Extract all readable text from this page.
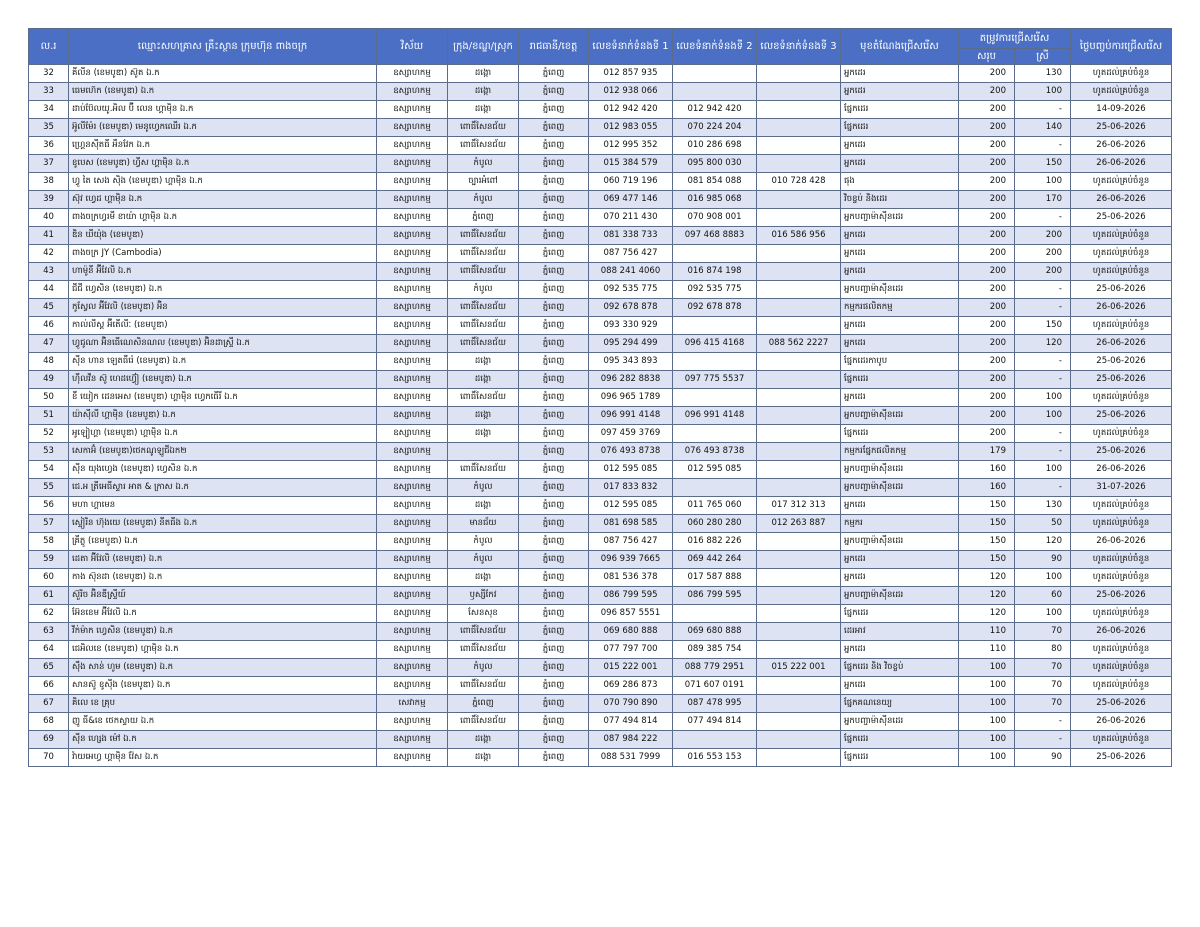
ល.រ	ឈ្មោះសហគ្រាស គ្រឹះស្ថាន ក្រុមហ៊ុន ពាងចក្រ	វិស័យ	ក្រុង/ខណ្ឌ/ស្រុក	រាជធានី/ខេត្ត	លេខទំនាក់ទំនងទី 1	លេខទំនាក់ទំនងទី 2	លេខទំនាក់ទំនងទី 3	មុខតំណែងជ្រើសរើស	តម្រូវការជ្រើសរើស		ថ្ងៃបញ្ចប់ការជ្រើសរើស
									សរុប	ស្រី	
32	គីលីន (ខេមបូឌា) ស៊ូត ឯ.ក	ឧស្សាហកម្ម	ដង្កោ	ភ្នំពេញ	012 857 935			អ្នកដេរ	200	130	ហូតដល់គ្រប់ចំនួន
33	ធេមហ៊េក (ខេមបូឌា) ឯ.ក	ឧស្សាហកម្ម	ដង្កោ	ភ្នំពេញ	012 938 066			អ្នកដេរ	200	100	ហូតដល់គ្រប់ចំនួន
34	ដាប់ប៊ែលយូ.អិល ប៊ី លេន ហ្គាម៉ិន ឯ.ក	ឧស្សាហកម្ម	ដង្កោ	ភ្នំពេញ	012 942 420	012 942 420		ផ្នែកដេរ	200	-	14-09-2026
35	អ៊ូលីម៉ែរ (ខេមបូឌា) មេនូហ្វេកឈើរ ឯ.ក	ឧស្សាហកម្ម	ពោធិ៍សែនជ័យ	ភ្នំពេញ	012 983 055	070 224 204		ផ្នែកដេរ	200	140	25-06-2026
36	ហ្គ្រេនស៊ីតធី អឹនវែក ឯ.ក	ឧស្សាហកម្ម	ពោធិ៍សែនជ័យ	ភ្នំពេញ	012 995 352	010 286 698		អ្នកដេរ	200	-	26-06-2026
37	ខូបេស (ខេមបូឌា) ហ្វីស ហ្គាម៉ិន ឯ.ក	ឧស្សាហកម្ម	កំបូល	ភ្នំពេញ	015 384 579	095 800 030		អ្នកដេរ	200	150	26-06-2026
38	ហ្វូ តៃ សេង ស៊ិង (ខេមបូឌា) ហ្គាម៉ិន ឯ.ក	ឧស្សាហកម្ម	ច្បារអំពៅ	ភ្នំពេញ	060 719 196	081 854 088	010 728 428	ផុង	200	100	ហូតដល់គ្រប់ចំនួន
39	ស៊ុវ ហ្វេដ ហ្គាម៉ិន ឯ.ក	ឧស្សាហកម្ម	កំបូល	ភ្នំពេញ	069 477 146	016 985 068		វិចខ្ចប់ និងដេរ	200	170	26-06-2026
40	ពាងចក្រហ្វរមី ខាយ៉ា ហ្គាម៉ិន ឯ.ក	ឧស្សាហកម្ម	ភ្នំពេញ	ភ្នំពេញ	070 211 430	070 908 001		អ្នកបញ្ជាម៉ាស៊ីនដេរ	200	-	25-06-2026
41	ឌិន ឃីយ៉ុង (ខេមបូឌា)	ឧស្សាហកម្ម	ពោធិ៍សែនជ័យ	ភ្នំពេញ	081 338 733	097 468 8883	016 586 956	អ្នកដេរ	200	200	ហូតដល់គ្រប់ចំនួន
42	ពាងចក្រ JY (Cambodia)	ឧស្សាហកម្ម	ពោធិ៍សែនជ័យ	ភ្នំពេញ	087 756 427			អ្នកដេរ	200	200	ហូតដល់គ្រប់ចំនួន
43	ហាម៉ូនី អ៊ីវែលិ ឯ.ក	ឧស្សាហកម្ម	ពោធិ៍សែនជ័យ	ភ្នំពេញ	088 241 4060	016 874 198		អ្នកដេរ	200	200	ហូតដល់គ្រប់ចំនួន
44	ជីជី ហ្វេសិន (ខេមបូឌា) ឯ.ក	ឧស្សាហកម្ម	កំបូល	ភ្នំពេញ	092 535 775	092 535 775		អ្នកបញ្ជាម៉ាស៊ីនដេរ	200	-	25-06-2026
45	កូស្វែល អ៊ីវែលិ (ខេមបូឌា) អ៊ិន	ឧស្សាហកម្ម	ពោធិ៍សែនជ័យ	ភ្នំពេញ	092 678 878	092 678 878		កម្មករផលិតកម្ម	200	-	26-06-2026
46	កាល់លីស្ត អ៊ីតើលីៈ (ខេមបូឌា)	ឧស្សាហកម្ម	ពោធិ៍សែនជ័យ	ភ្នំពេញ	093 330 929			អ្នកដេរ	200	150	ហូតដល់គ្រប់ចំនួន
47	ហ្វូជូណា អ៊ិនធើណេសិនណល (ខេមបូឌា) អ៊ិនដាស្ទ្រី ឯ.ក	ឧស្សាហកម្ម	ពោធិ៍សែនជ័យ	ភ្នំពេញ	095 294 499	096 415 4168	088 562 2227	អ្នកដេរ	200	120	26-06-2026
48	ស៊ីន ហាន ឡេតធឺរ៉េ (ខេមបូឌា) ឯ.ក	ឧស្សាហកម្ម	ដង្កោ	ភ្នំពេញ	095 343 893			ផ្នែកដេរកាបូប	200	-	25-06-2026
49	ហ៊ីលវីន ស៊ូ ហេដហ៊្វៀ (ខេមបូឌា) ឯ.ក	ឧស្សាហកម្ម	ដង្កោ	ភ្នំពេញ	096 282 8838	097 775 5537		ផ្នែកដេរ	200	-	25-06-2026
50	ខឺ យៀក ដេនអេស (ខេមបូឌា) ហ្គាម៉ិន ហ្វេកធើរី ឯ.ក	ឧស្សាហកម្ម	ពោធិ៍សែនជ័យ	ភ្នំពេញ	096 965 1789			អ្នកដេរ	200	100	ហូតដល់គ្រប់ចំនួន
51	យ៉ាស៊ីលី ហ្គាម៉ិន (ខេមបូឌា) ឯ.ក	ឧស្សាហកម្ម	ដង្កោ	ភ្នំពេញ	096 991 4148	096 991 4148		អ្នកបញ្ជាម៉ាស៊ីនដេរ	200	100	25-06-2026
52	អូឡៀហ្គា (ខេមបូឌា) ហ្គាម៉ិន ឯ.ក	ឧស្សាហកម្ម	ដង្កោ	ភ្នំពេញ	097 459 3769			ផ្នែកដេរ	200	-	ហូតដល់គ្រប់ចំនួន
53	សេកាអ៊ំ (ខេមបូឌា)ថេកណូឡូជីឯក២	ឧស្សាហកម្ម		ភ្នំពេញ	076 493 8738	076 493 8738		កម្មករផ្នែកផលិតកម្ម	179	-	25-06-2026
54	ស៊ីន យុងហ្វេង (ខេមបូឌា) ហ្វេសិន ឯ.ក	ឧស្សាហកម្ម	ពោធិ៍សែនជ័យ	ភ្នំពេញ	012 595 085	012 595 085		អ្នកបញ្ជាម៉ាស៊ីនដេរ	160	100	26-06-2026
55	ជេ.អ ត្រីអេធីស្ទារ អាត & ក្រាស ឯ.ក	ឧស្សាហកម្ម	កំបូល	ភ្នំពេញ	017 833 832			អ្នកបញ្ជាម៉ាស៊ីនដេរ	160	-	31-07-2026
56	មហា ហ្គាមេន	ឧស្សាហកម្ម	ដង្កោ	ភ្នំពេញ	012 595 085	011 765 060	017 312 313	អ្នកដេរ	150	130	ហូតដល់គ្រប់ចំនួន
57	ស្ទៀរិន ហ៊ុងយេ (ខេមបូឌា) នីតធីង ឯ.ក	ឧស្សាហកម្ម	មានជ័យ	ភ្នំពេញ	081 698 585	060 280 280	012 263 887	កម្មករ	150	50	ហូតដល់គ្រប់ចំនួន
58	គ្រីភ្លូ (ខេមបូឌា) ឯ.ក	ឧស្សាហកម្ម	កំបូល	ភ្នំពេញ	087 756 427	016 882 226		អ្នកបញ្ជាម៉ាស៊ីនដេរ	150	120	26-06-2026
59	ដេតា អ៊ីវែលិ (ខេមបូឌា) ឯ.ក	ឧស្សាហកម្ម	កំបូល	ភ្នំពេញ	096 939 7665	069 442 264		អ្នកដេរ	150	90	ហូតដល់គ្រប់ចំនួន
60	កាង ស៊ុនដា (ខេមបូឌា) ឯ.ក	ឧស្សាហកម្ម	ដង្កោ	ភ្នំពេញ	081 536 378	017 587 888		អ្នកដេរ	120	100	ហូតដល់គ្រប់ចំនួន
61	ស៊ួរិច អ៊ិនឌីស្ទ្រីយ៍	ឧស្សាហកម្ម	ឫស្សីកែវ	ភ្នំពេញ	086 799 595	086 799 595		អ្នកបញ្ជាម៉ាស៊ីនដេរ	120	60	25-06-2026
62	អ៊ែនខេម អ៊ីវែលិ ឯ.ក	ឧស្សាហកម្ម	សែនសុខ	ភ្នំពេញ	096 857 5551			ផ្នែកដេរ	120	100	ហូតដល់គ្រប់ចំនួន
63	វីក់ម៉ាក ហ្វេសិន (ខេមបូឌា) ឯ.ក	ឧស្សាហកម្ម	ពោធិ៍សែនជ័យ	ភ្នំពេញ	069 680 888	069 680 888		ដេរអាវ	110	70	26-06-2026
64	ជេអិលខេ (ខេមបូឌា) ហ្គាម៉ិន ឯ.ក	ឧស្សាហកម្ម	ពោធិ៍សែនជ័យ	ភ្នំពេញ	077 797 700	089 385 754		អ្នកដេរ	110	80	ហូតដល់គ្រប់ចំនួន
65	ស៊ឹង សាន់ ហូម (ខេមបូឌា) ឯ.ក	ឧស្សាហកម្ម	កំបូល	ភ្នំពេញ	015 222 001	088 779 2951	015 222 001	ផ្នែកដេរ និង វិចខ្ចប់	100	70	ហូតដល់គ្រប់ចំនួន
66	សានស៊ូ ខូស៊ីង (ខេមបូឌា) ឯ.ក	ឧស្សាហកម្ម	ពោធិ៍សែនជ័យ	ភ្នំពេញ	069 286 873	071 607 0191		អ្នកដេរ	100	70	ហូតដល់គ្រប់ចំនួន
67	គិលេ ខេ គ្រុប	សេវាកម្ម	ភ្នំពេញ	ភ្នំពេញ	070 790 890	087 478 995		ផ្នែកគណនេយ្យ	100	70	25-06-2026
68	ញូ ធី&ខេ ថេកស្ទាយ ឯ.ក	ឧស្សាហកម្ម	ពោធិ៍សែនជ័យ	ភ្នំពេញ	077 494 814	077 494 814		អ្នកបញ្ជាម៉ាស៊ីនដេរ	100	-	26-06-2026
69	ស៊ីន ហ្សេង ម៉ៅ ឯ.ក	ឧស្សាហកម្ម	ដង្កោ	ភ្នំពេញ	087 984 222			ផ្នែកដេរ	100	-	ហូតដល់គ្រប់ចំនួន
70	វ៉ាយអេហ្វ ហ្គាម៉ិន វ៉ែស ឯ.ក	ឧស្សាហកម្ម	ដង្កោ	ភ្នំពេញ	088 531 7999	016 553 153		ផ្នែកដេរ	100	90	25-06-2026
